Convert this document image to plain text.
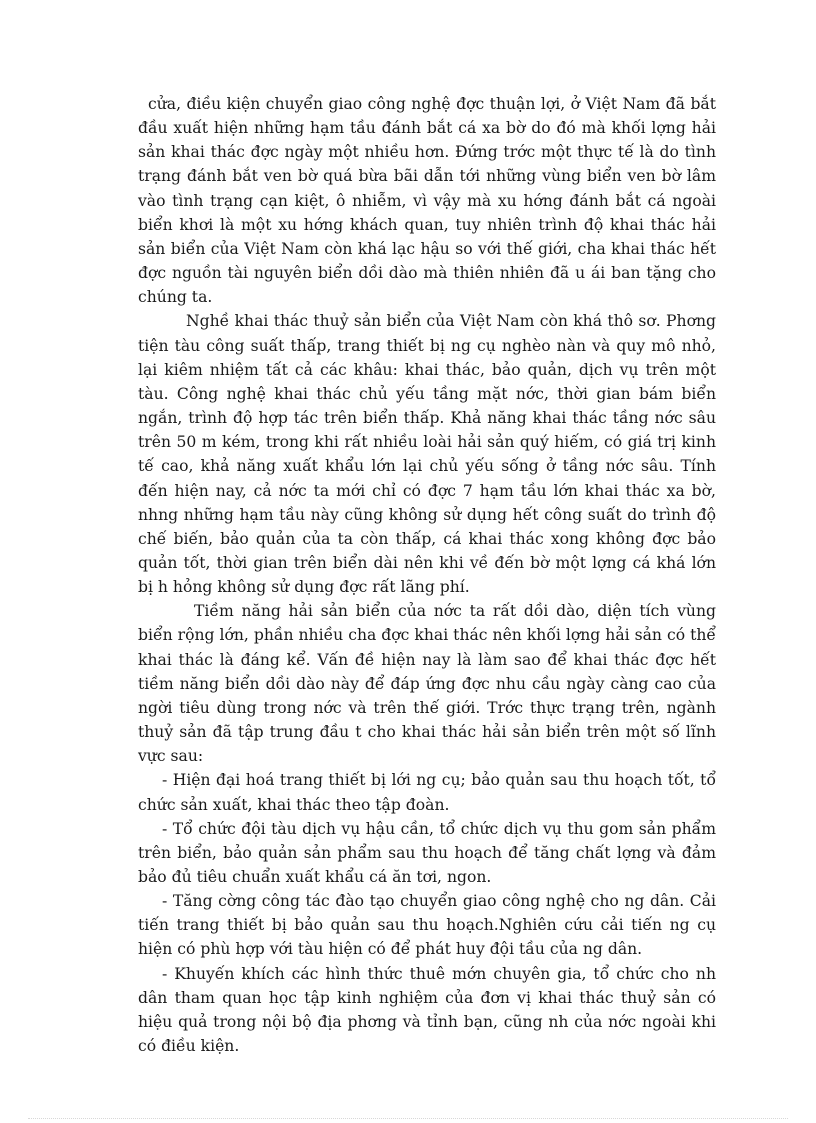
cửa, điều kiện chuyển giao công nghệ đợc thuận lợi, ở Việt Nam đã bắt đầu xuất hiện những hạm tầu đánh bắt cá xa bờ do đó mà khối lợng hải sản khai thác đợc ngày một nhiều hơn. Đứng trớc một thực tế là do tình trạng đánh bắt ven bờ quá bừa bãi dẫn tới những vùng biển ven bờ lâm vào tình trạng cạn kiệt, ô nhiễm, vì vậy mà xu hớng đánh bắt cá ngoài biển khơi là một xu hớng khách quan, tuy nhiên trình độ khai thác hải sản biển của Việt Nam còn khá lạc hậu so với thế giới, cha khai thác hết đợc nguồn tài nguyên biển dồi dào mà thiên nhiên đã u ái ban tặng cho chúng ta.

Nghề khai thác thuỷ sản biển của Việt Nam còn khá thô sơ. Phơng tiện tàu công suất thấp, trang thiết bị ng cụ nghèo nàn và quy mô nhỏ, lại kiêm nhiệm tất cả các khâu: khai thác, bảo quản, dịch vụ trên một tàu. Công nghệ khai thác chủ yếu tầng mặt nớc, thời gian bám biển ngắn, trình độ hợp tác trên biển thấp. Khả năng khai thác tầng nớc sâu trên 50 m kém, trong khi rất nhiều loài hải sản quý hiếm, có giá trị kinh tế cao, khả năng xuất khẩu lớn lại chủ yếu sống ở tầng nớc sâu. Tính đến hiện nay, cả nớc ta mới chỉ có đợc 7 hạm tầu lớn khai thác xa bờ, nhng những hạm tầu này cũng không sử dụng hết công suất do trình độ chế biến, bảo quản của ta còn thấp, cá khai thác xong không đợc bảo quản tốt, thời gian trên biển dài nên khi về đến bờ một lợng cá khá lớn bị h hỏng không sử dụng đợc rất lãng phí.

Tiềm năng hải sản biển của nớc ta rất dồi dào, diện tích vùng biển rộng lớn, phần nhiều cha đợc khai thác nên khối lợng hải sản có thể khai thác là đáng kể. Vấn đề hiện nay là làm sao để khai thác đợc hết tiềm năng biển dồi dào này để đáp ứng đợc nhu cầu ngày càng cao của ngời tiêu dùng trong nớc và trên thế giới. Trớc thực trạng trên, ngành thuỷ sản đã tập trung đầu t cho khai thác hải sản biển trên một số lĩnh vực sau:

- Hiện đại hoá trang thiết bị lới ng cụ; bảo quản sau thu hoạch tốt, tổ chức sản xuất, khai thác theo tập đoàn.

- Tổ chức đội tàu dịch vụ hậu cần, tổ chức dịch vụ thu gom sản phẩm trên biển, bảo quản sản phẩm sau thu hoạch để tăng chất lợng và đảm bảo đủ tiêu chuẩn xuất khẩu cá ăn tơi, ngon.

- Tăng cờng công tác đào tạo chuyển giao công nghệ cho ng dân. Cải tiến trang thiết bị bảo quản sau thu hoạch.Nghiên cứu cải tiến ng cụ hiện có phù hợp với tàu hiện có để phát huy đội tầu của ng dân.

- Khuyến khích các hình thức thuê mớn chuyên gia, tổ chức cho nh dân tham quan học tập kinh nghiệm của đơn vị khai thác thuỷ sản có hiệu quả trong nội bộ địa phơng và tỉnh bạn, cũng nh của nớc ngoài khi có điều kiện.
